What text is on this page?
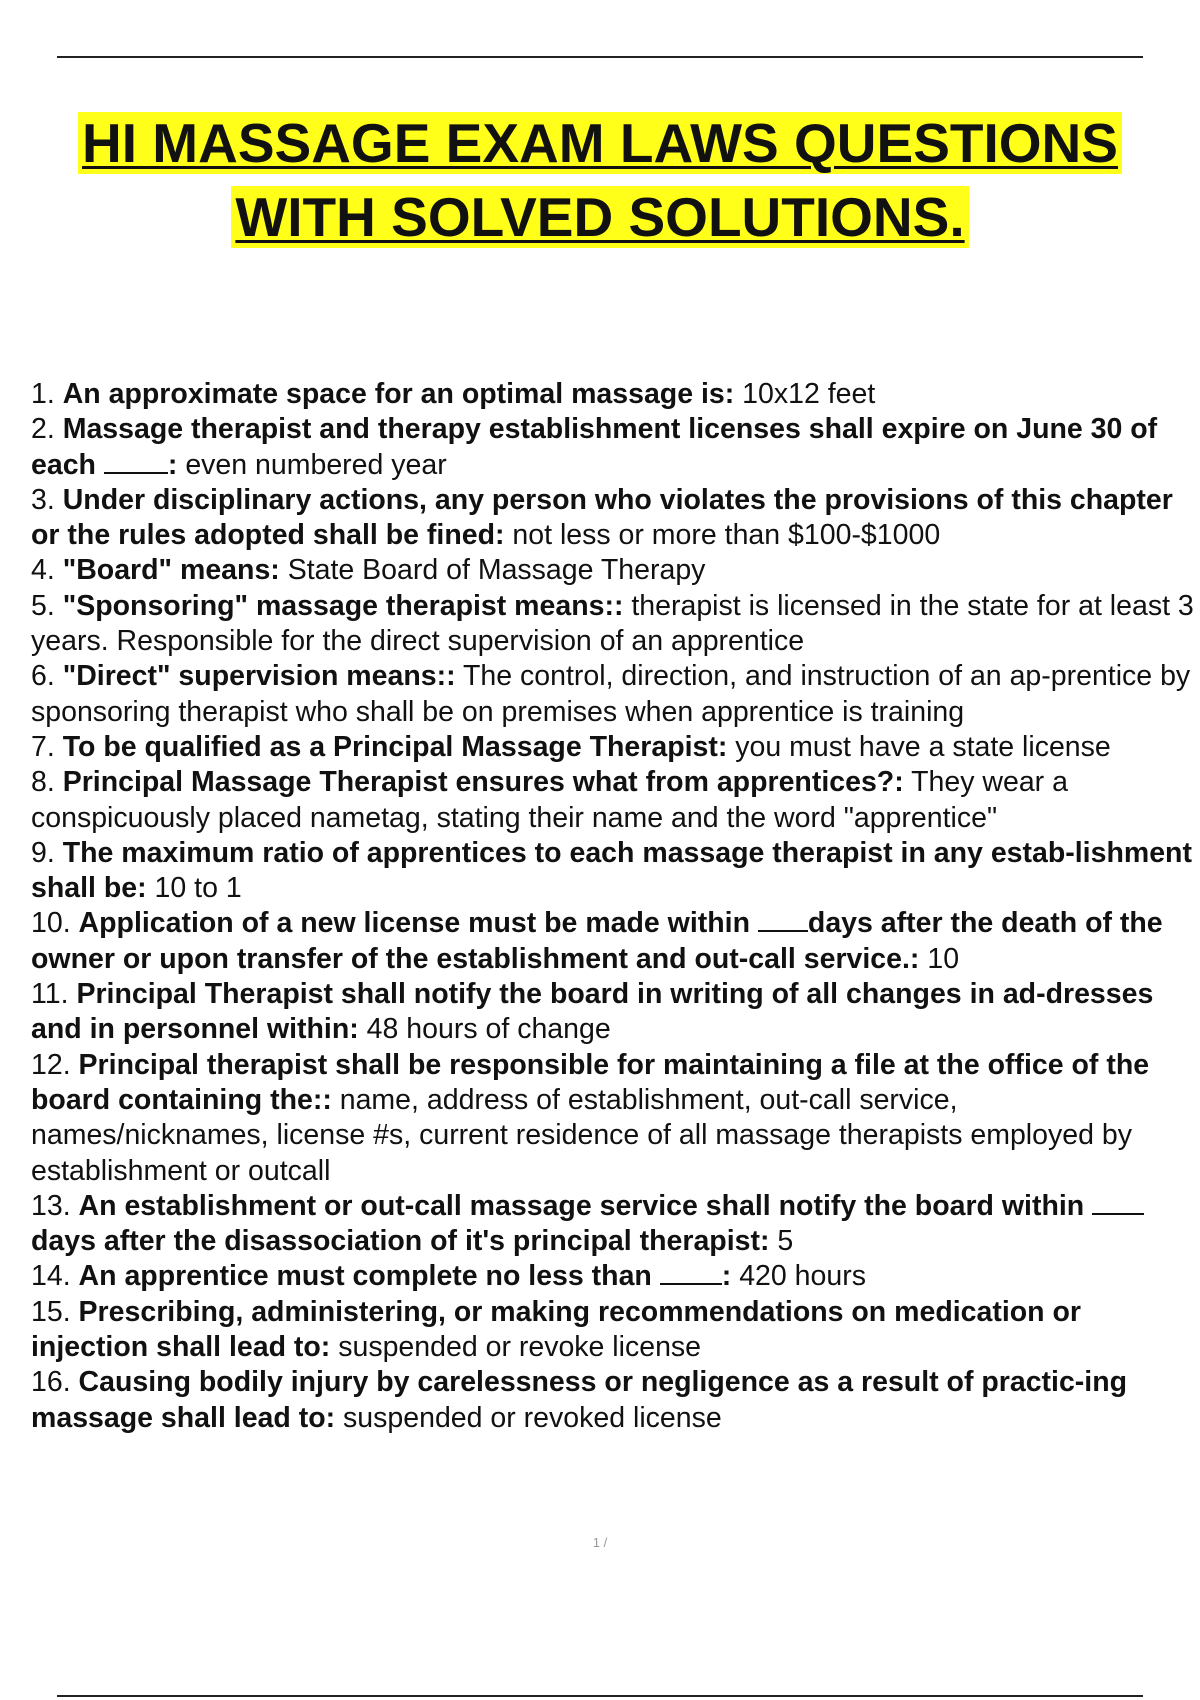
HI MASSAGE EXAM LAWS QUESTIONS
WITH SOLVED SOLUTIONS.

1. An approximate space for an optimal massage is: 10x12 feet

2. Massage therapist and therapy establishment licenses shall expire on June 30 of each	: even numbered year

3. Under disciplinary actions, any person who violates the provisions of this chapter or the rules adopted shall be fined: not less or more than $100-$1000

4. "Board" means: State Board of Massage Therapy

5. "Sponsoring" massage therapist means:: therapist is licensed in the state for at least 3 years. Responsible for the direct supervision of an apprentice

6. "Direct" supervision means:: The control, direction, and instruction of an ap-prentice by sponsoring therapist who shall be on premises when apprentice is training

7. To be qualified as a Principal Massage Therapist: you must have a state license

8. Principal Massage Therapist ensures what from apprentices?: They wear a conspicuously placed nametag, stating their name and the word "apprentice"

9. The maximum ratio of apprentices to each massage therapist in any estab-lishment shall be: 10 to 1

10. Application of a new license must be made within days after the death of the owner or upon transfer of the establishment and out-call service.: 10

11. Principal Therapist shall notify the board in writing of all changes in ad-dresses and in personnel within: 48 hours of change

12. Principal therapist shall be responsible for maintaining a file at the office of the board containing the:: name, address of establishment, out-call service, names/nicknames, license #s, current residence of all massage therapists employed by establishment or outcall

13. An establishment or out-call massage service shall notify the board within days after the disassociation of it's principal therapist: 5

14. An apprentice must complete no less than : 420 hours

15. Prescribing, administering, or making recommendations on medication or injection shall lead to: suspended or revoke license

16. Causing bodily injury by carelessness or negligence as a result of practic-ing massage shall lead to: suspended or revoked license

1 /
